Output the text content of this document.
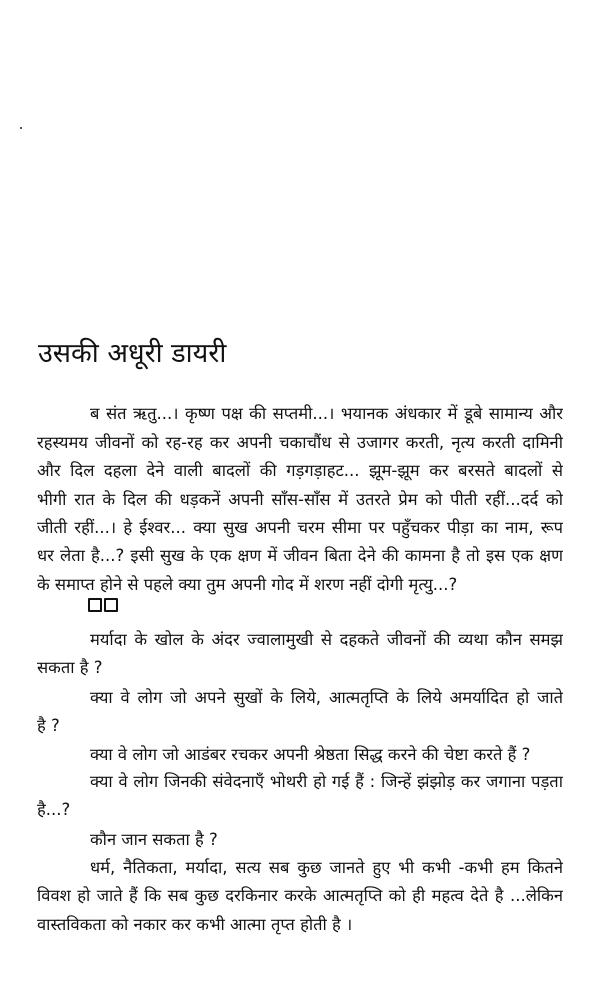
उसकी अधूरी डायरी
ब संत ऋतु...। कृष्ण पक्ष की सप्तमी...। भयानक अंधकार में डूबे सामान्य और
रहस्यमय जीवनों को रह-रह कर अपनी चकाचौंध से उजागर करती, नृत्य करती दामिनी
और दिल दहला देने वाली बादलों की गड़गड़ाहट... झूम-झूम कर बरसते बादलों से
भीगी रात के दिल की धड़कनें अपनी साँस-साँस में उतरते प्रेम को पीती रहीं...दर्द को
जीती रहीं...। हे ईश्वर... क्या सुख अपनी चरम सीमा पर पहुँचकर पीड़ा का नाम, रूप
धर लेता है...? इसी सुख के एक क्षण में जीवन बिता देने की कामना है तो इस एक क्षण
के समाप्त होने से पहले क्या तुम अपनी गोद में शरण नहीं दोगी मृत्यु...?
मर्यादा के खोल के अंदर ज्वालामुखी से दहकते जीवनों की व्यथा कौन समझ
सकता है ?
क्या वे लोग जो अपने सुखों के लिये, आत्मतृप्ति के लिये अमर्यादित हो जाते
है ?
क्या वे लोग जो आडंबर रचकर अपनी श्रेष्ठता सिद्ध करने की चेष्टा करते हैं ?
क्या वे लोग जिनकी संवेदनाएँ भोथरी हो गई हैं : जिन्हें झंझोड़ कर जगाना पड़ता
है...?
कौन जान सकता है ?
धर्म, नैतिकता, मर्यादा, सत्य सब कुछ जानते हुए भी कभी -कभी हम कितने
विवश हो जाते हैं कि सब कुछ दरकिनार करके आत्मतृप्ति को ही महत्व देते है ...लेकिन
वास्तविकता को नकार कर कभी आत्मा तृप्त होती है ।
